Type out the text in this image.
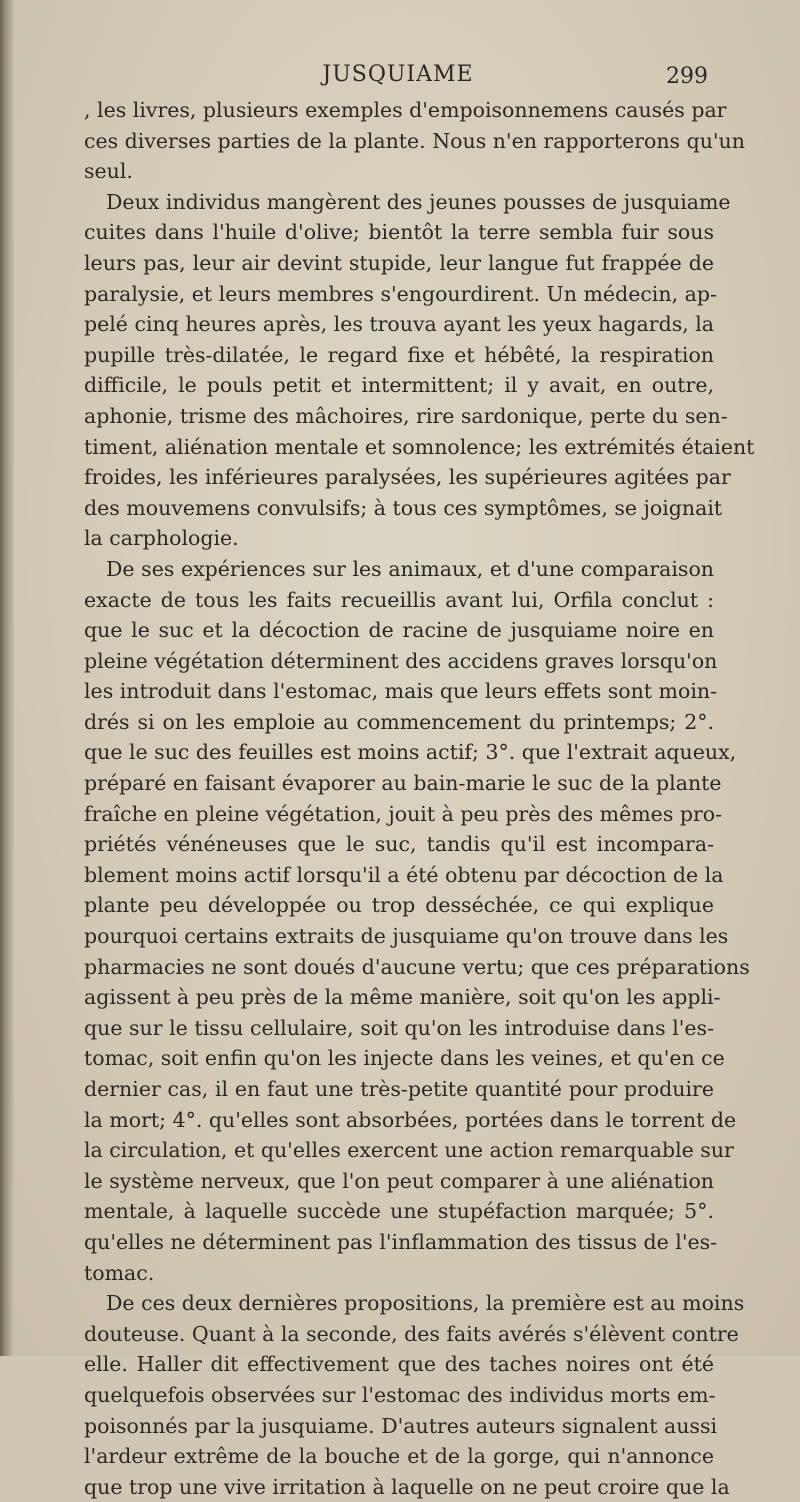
JUSQUIAME	299
, les livres, plusieurs exemples d'empoisonnemens causés par
ces diverses parties de la plante. Nous n'en rapporterons qu'un
seul.
Deux individus mangèrent des jeunes pousses de jusquiame
cuites dans l'huile d'olive; bientôt la terre sembla fuir sous
leurs pas, leur air devint stupide, leur langue fut frappée de
paralysie, et leurs membres s'engourdirent. Un médecin, ap-
pelé cinq heures après, les trouva ayant les yeux hagards, la
pupille très-dilatée, le regard fixe et hébêté, la respiration
difficile, le pouls petit et intermittent; il y avait, en outre,
aphonie, trisme des mâchoires, rire sardonique, perte du sen-
timent, aliénation mentale et somnolence; les extrémités étaient
froides, les inférieures paralysées, les supérieures agitées par
des mouvemens convulsifs; à tous ces symptômes, se joignait
la carphologie.
De ses expériences sur les animaux, et d'une comparaison
exacte de tous les faits recueillis avant lui, Orfila conclut :
que le suc et la décoction de racine de jusquiame noire en
pleine végétation déterminent des accidens graves lorsqu'on
les introduit dans l'estomac, mais que leurs effets sont moin-
drés si on les emploie au commencement du printemps; 2°.
que le suc des feuilles est moins actif; 3°. que l'extrait aqueux,
préparé en faisant évaporer au bain-marie le suc de la plante
fraîche en pleine végétation, jouit à peu près des mêmes pro-
priétés vénéneuses que le suc, tandis qu'il est incompara-
blement moins actif lorsqu'il a été obtenu par décoction de la
plante peu développée ou trop desséchée, ce qui explique
pourquoi certains extraits de jusquiame qu'on trouve dans les
pharmacies ne sont doués d'aucune vertu; que ces préparations
agissent à peu près de la même manière, soit qu'on les appli-
que sur le tissu cellulaire, soit qu'on les introduise dans l'es-
tomac, soit enfin qu'on les injecte dans les veines, et qu'en ce
dernier cas, il en faut une très-petite quantité pour produire
la mort; 4°. qu'elles sont absorbées, portées dans le torrent de
la circulation, et qu'elles exercent une action remarquable sur
le système nerveux, que l'on peut comparer à une aliénation
mentale, à laquelle succède une stupéfaction marquée; 5°.
qu'elles ne déterminent pas l'inflammation des tissus de l'es-
tomac.
De ces deux dernières propositions, la première est au moins
douteuse. Quant à la seconde, des faits avérés s'élèvent contre
elle. Haller dit effectivement que des taches noires ont été
quelquefois observées sur l'estomac des individus morts em-
poisonnés par la jusquiame. D'autres auteurs signalent aussi
l'ardeur extrême de la bouche et de la gorge, qui n'annonce
que trop une vive irritation à laquelle on ne peut croire que la
